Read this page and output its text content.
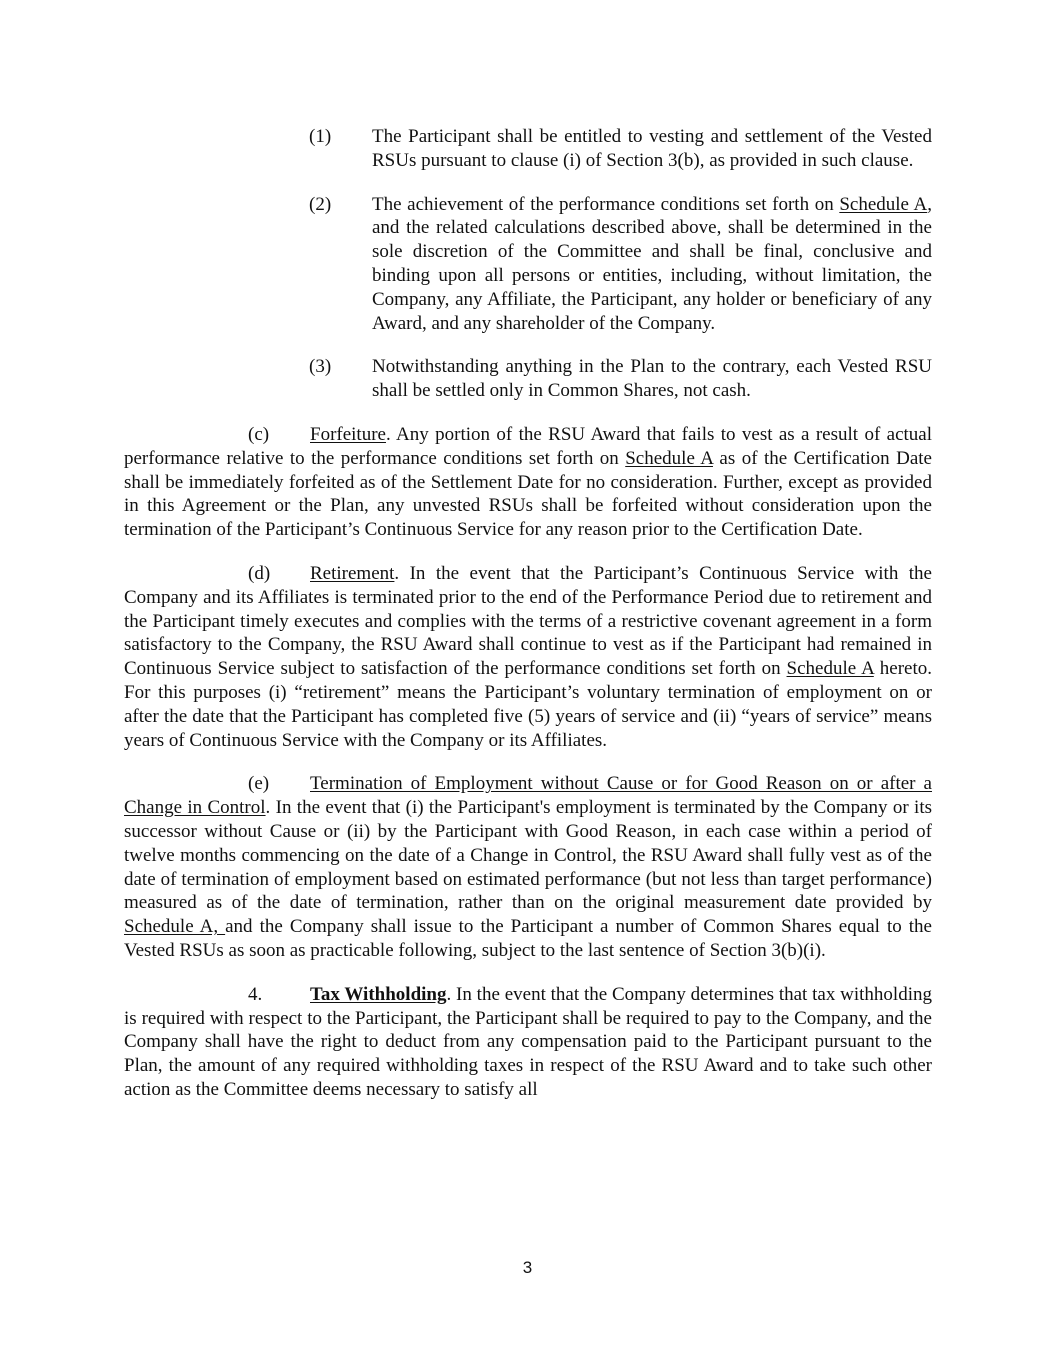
(1) The Participant shall be entitled to vesting and settlement of the Vested RSUs pursuant to clause (i) of Section 3(b), as provided in such clause.
(2) The achievement of the performance conditions set forth on Schedule A, and the related calculations described above, shall be determined in the sole discretion of the Committee and shall be final, conclusive and binding upon all persons or entities, including, without limitation, the Company, any Affiliate, the Participant, any holder or beneficiary of any Award, and any shareholder of the Company.
(3) Notwithstanding anything in the Plan to the contrary, each Vested RSU shall be settled only in Common Shares, not cash.

(c) Forfeiture. Any portion of the RSU Award that fails to vest as a result of actual performance relative to the performance conditions set forth on Schedule A as of the Certification Date shall be immediately forfeited as of the Settlement Date for no consideration. Further, except as provided in this Agreement or the Plan, any unvested RSUs shall be forfeited without consideration upon the termination of the Participant’s Continuous Service for any reason prior to the Certification Date.

(d) Retirement. In the event that the Participant’s Continuous Service with the Company and its Affiliates is terminated prior to the end of the Performance Period due to retirement and the Participant timely executes and complies with the terms of a restrictive covenant agreement in a form satisfactory to the Company, the RSU Award shall continue to vest as if the Participant had remained in Continuous Service subject to satisfaction of the performance conditions set forth on Schedule A hereto. For this purposes (i) “retirement” means the Participant’s voluntary termination of employment on or after the date that the Participant has completed five (5) years of service and (ii) “years of service” means years of Continuous Service with the Company or its Affiliates.

(e) Termination of Employment without Cause or for Good Reason on or after a Change in Control. In the event that (i) the Participant's employment is terminated by the Company or its successor without Cause or (ii) by the Participant with Good Reason, in each case within a period of twelve months commencing on the date of a Change in Control, the RSU Award shall fully vest as of the date of termination of employment based on estimated performance (but not less than target performance) measured as of the date of termination, rather than on the original measurement date provided by Schedule A, and the Company shall issue to the Participant a number of Common Shares equal to the Vested RSUs as soon as practicable following, subject to the last sentence of Section 3(b)(i).

4.	Tax Withholding. In the event that the Company determines that tax withholding is required with respect to the Participant, the Participant shall be required to pay to the Company, and the Company shall have the right to deduct from any compensation paid to the Participant pursuant to the Plan, the amount of any required withholding taxes in respect of the RSU Award and to take such other action as the Committee deems necessary to satisfy all

3
